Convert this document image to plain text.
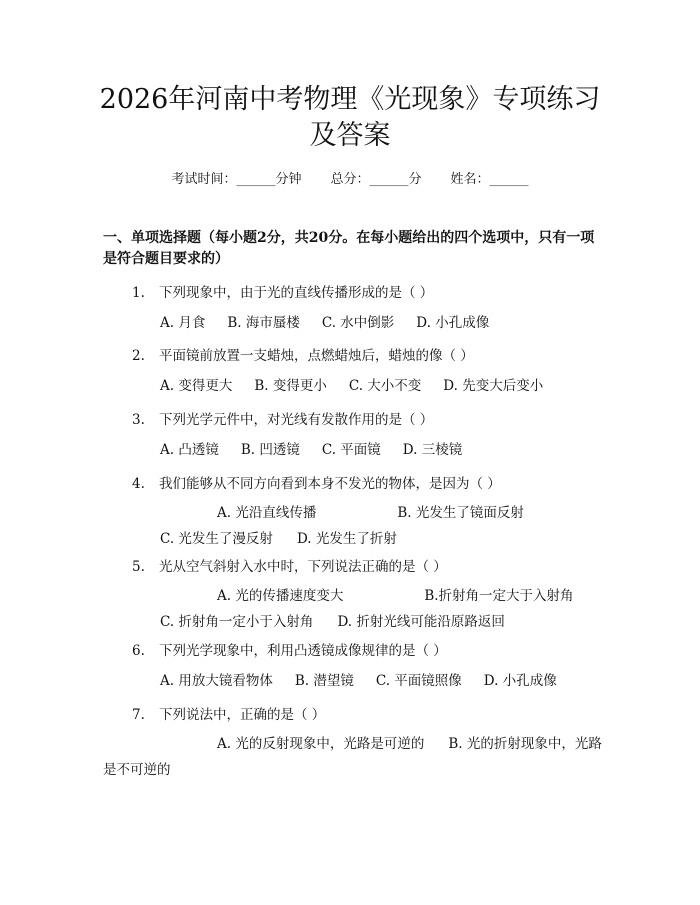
2026年河南中考物理《光现象》专项练习及答案
考试时间：______分钟 总分：______分 姓名：______
一、单项选择题（每小题2分，共20分。在每小题给出的四个选项中，只有一项是符合题目要求的）
1. 下列现象中，由于光的直线传播形成的是（ ）
A. 月食 B. 海市蜃楼 C. 水中倒影 D. 小孔成像
2. 平面镜前放置一支蜡烛，点燃蜡烛后，蜡烛的像（ ）
A. 变得更大 B. 变得更小 C. 大小不变 D. 先变大后变小
3. 下列光学元件中，对光线有发散作用的是（ ）
A. 凸透镜 B. 凹透镜 C. 平面镜 D. 三棱镜
4. 我们能够从不同方向看到本身不发光的物体，是因为（ ）
A. 光沿直线传播	B. 光发生了镜面反射C. 光发生了漫反射 D. 光发生了折射
5. 光从空气斜射入水中时，下列说法正确的是（ ）
A. 光的传播速度变大	B.折射角一定大于入射角C. 折射角一定小于入射角 D. 折射光线可能沿原路返回
6. 下列光学现象中，利用凸透镜成像规律的是（ ）
A. 用放大镜看物体 B. 潜望镜 C. 平面镜照像 D. 小孔成像
7. 下列说法中，正确的是（ ）
A. 光的反射现象中，光路是可逆的 B. 光的折射现象中，光路是不可逆的
